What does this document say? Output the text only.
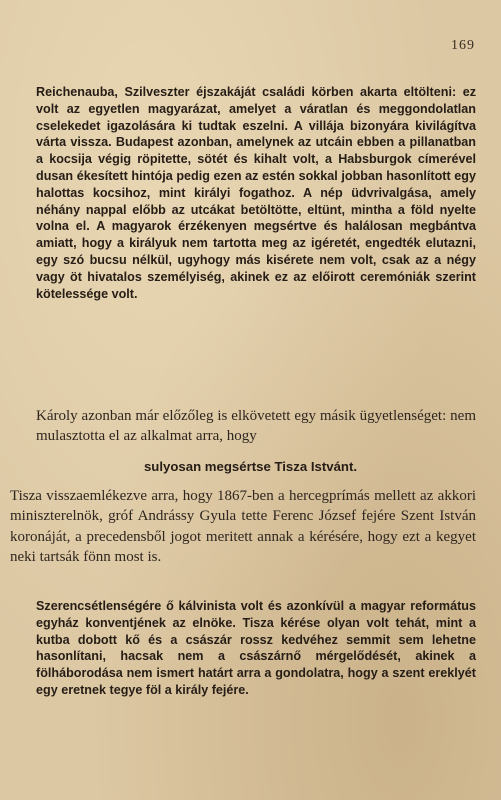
169

Reichenauba, Szilveszter éjszakáját családi körben akarta eltölteni: ez volt az egyetlen magyarázat, amelyet a váratlan és meggondolatlan cselekedet igazolására ki tudtak eszelni. A villája bizonyára kivilágítva várta vissza. Budapest azonban, amelynek az utcáin ebben a pillanatban a kocsija végig röpitette, sötét és kihalt volt, a Habsburgok címerével dusan ékesített hintója pedig ezen az estén sokkal jobban hasonlított egy halottas kocsihoz, mint királyi fogathoz. A nép üdvrivalgása, amely néhány nappal előbb az utcákat betöltötte, eltünt, mintha a föld nyelte volna el. A magyarok érzékenyen megsértve és halálosan megbántva amiatt, hogy a királyuk nem tartotta meg az igéretét, engedték elutazni, egy szó bucsu nélkül, ugyhogy más kisérete nem volt, csak az a négy vagy öt hivatalos személyiség, akinek ez az előirott ceremóniák szerint kötelessége volt.

Károly azonban már előzőleg is elkövetett egy másik ügyetlenséget: nem mulasztotta el az alkalmat arra, hogy

sulyosan megsértse Tisza Istvánt.

Tisza visszaemlékezve arra, hogy 1867-ben a hercegprímás mellett az akkori miniszterelnök, gróf Andrássy Gyula tette Ferenc József fejére Szent István koronáját, a precedensből jogot meritett annak a kérésére, hogy ezt a kegyet neki tartsák fönn most is.

Szerencsétlenségére ő kálvinista volt és azonkívül a magyar református egyház konventjének az elnöke. Tisza kérése olyan volt tehát, mint a kutba dobott kő és a császár rossz kedvéhez semmit sem lehetne hasonlítani, hacsak nem a császárnő mérgelődését, akinek a fölháborodása nem ismert határt arra a gondolatra, hogy a szent ereklyét egy eretnek tegye föl a király fejére.
